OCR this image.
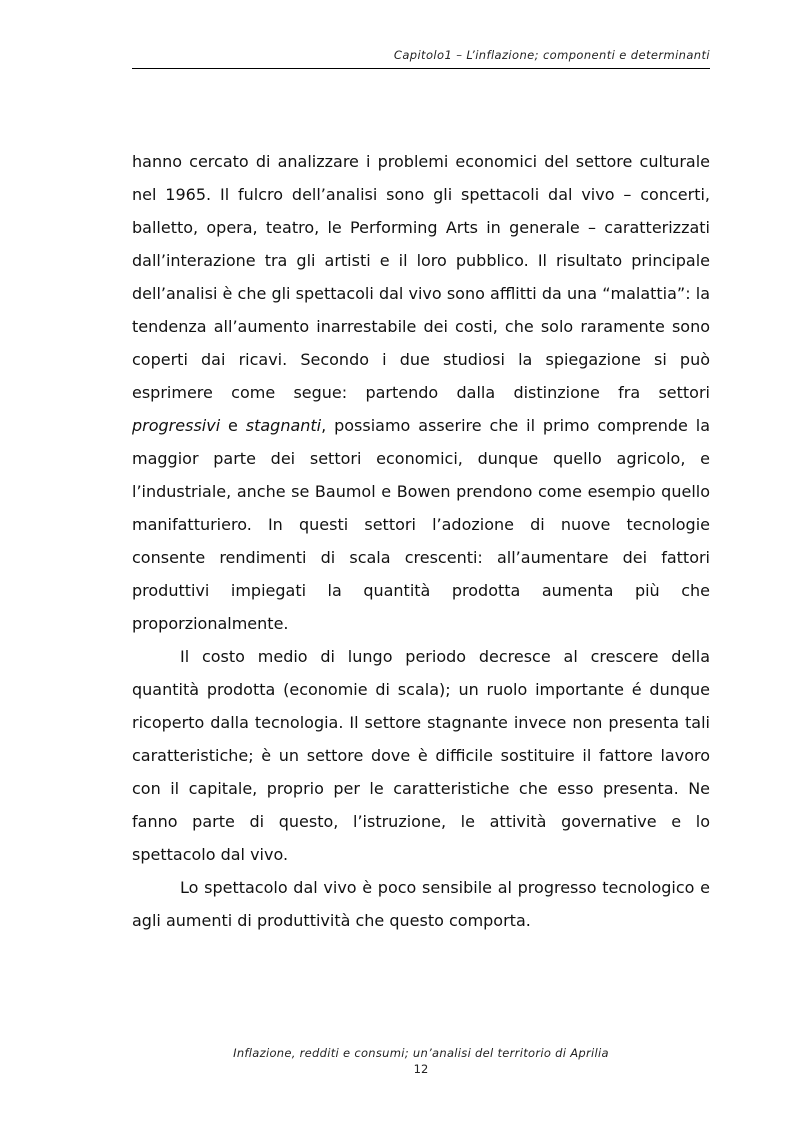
Capitolo1 – L’inflazione; componenti e determinanti

hanno cercato di analizzare i problemi economici del settore culturale nel 1965. Il fulcro dell’analisi sono gli spettacoli dal vivo – concerti, balletto, opera, teatro, le Performing Arts in generale – caratterizzati dall’interazione tra gli artisti e il loro pubblico. Il risultato principale dell’analisi è che gli spettacoli dal vivo sono afflitti da una “malattia”: la tendenza all’aumento inarrestabile dei costi, che solo raramente sono coperti dai ricavi. Secondo i due studiosi la spiegazione si può esprimere come segue: partendo dalla distinzione fra settori progressivi e stagnanti, possiamo asserire che il primo comprende la maggior parte dei settori economici, dunque quello agricolo, e l’industriale, anche se Baumol e Bowen prendono come esempio quello manifatturiero. In questi settori l’adozione di nuove tecnologie consente rendimenti di scala crescenti: all’aumentare dei fattori produttivi impiegati la quantità prodotta aumenta più che proporzionalmente.

Il costo medio di lungo periodo decresce al crescere della quantità prodotta (economie di scala); un ruolo importante é dunque ricoperto dalla tecnologia. Il settore stagnante invece non presenta tali caratteristiche; è un settore dove è difficile sostituire il fattore lavoro con il capitale, proprio per le caratteristiche che esso presenta. Ne fanno parte di questo, l’istruzione, le attività governative e lo spettacolo dal vivo.

Lo spettacolo dal vivo è poco sensibile al progresso tecnologico e agli aumenti di produttività che questo comporta.

Inflazione, redditi e consumi; un’analisi del territorio di Aprilia
12
